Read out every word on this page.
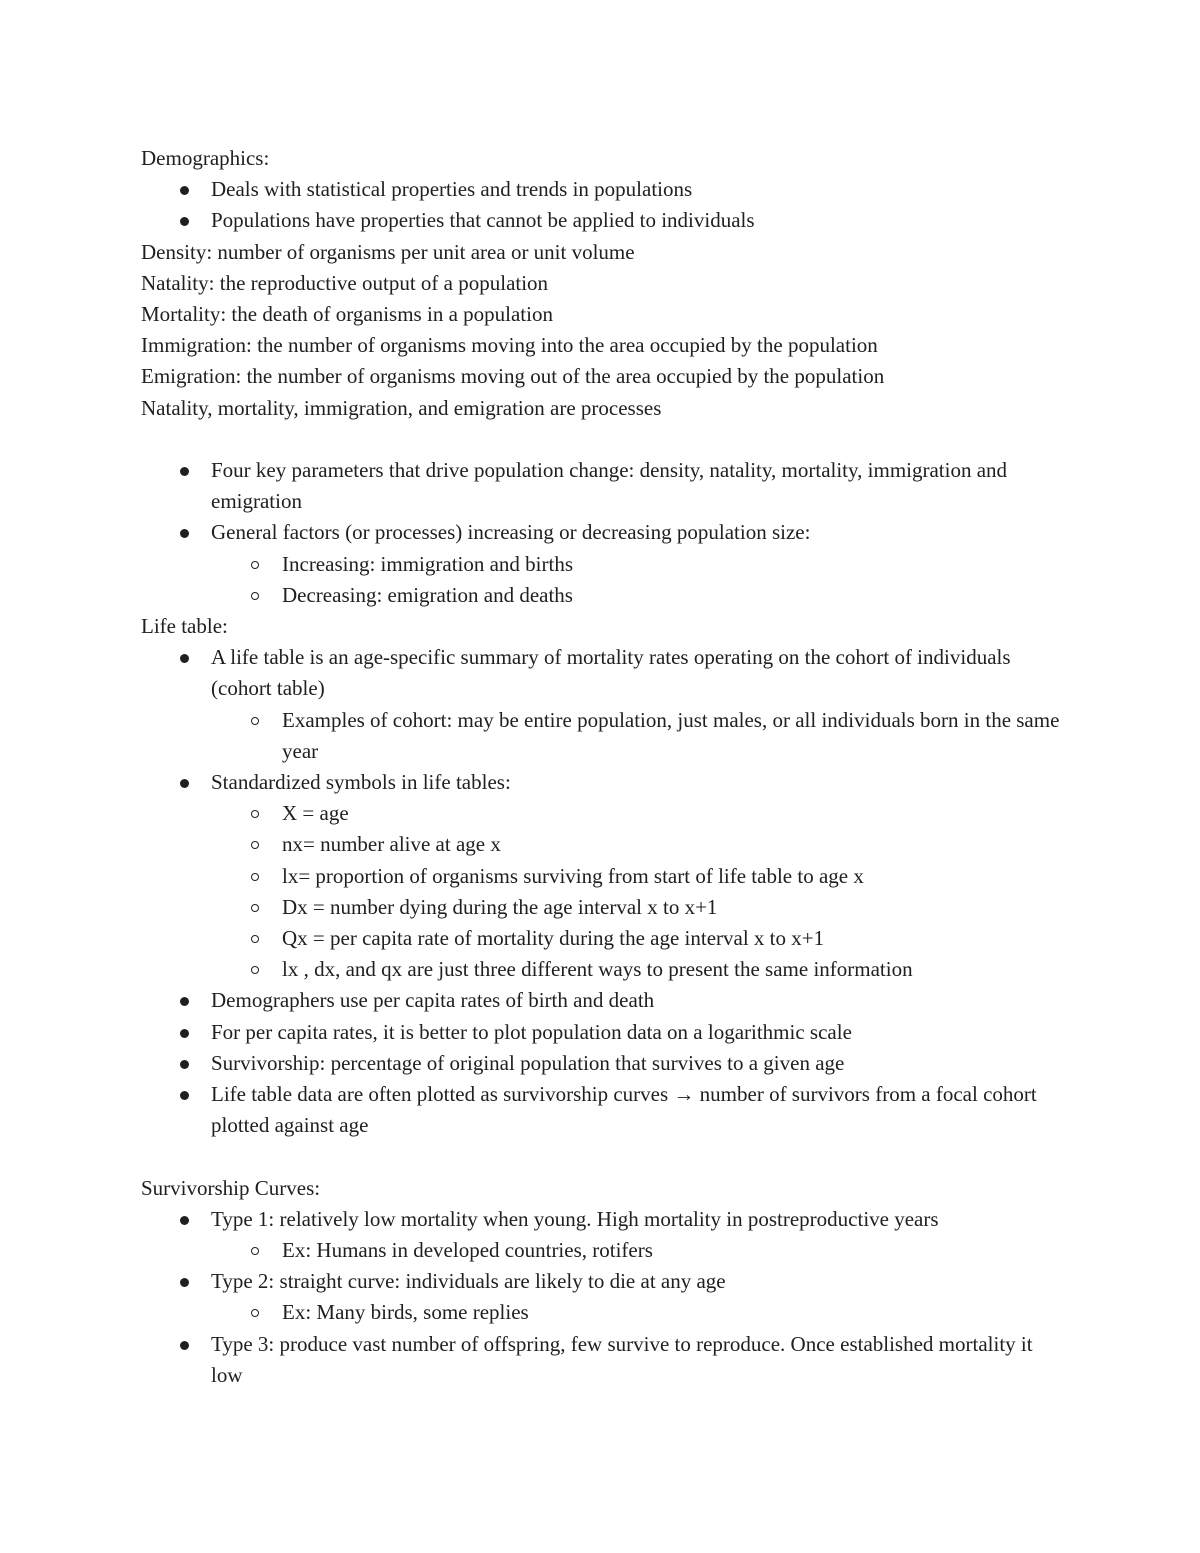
Demographics:

Deals with statistical properties and trends in populations
Populations have properties that cannot be applied to individuals

Density: number of organisms per unit area or unit volume

Natality: the reproductive output of a population

Mortality: the death of organisms in a population

Immigration: the number of organisms moving into the area occupied by the population

Emigration: the number of organisms moving out of the area occupied by the population

Natality, mortality, immigration, and emigration are processes

Four key parameters that drive population change: density, natality, mortality, immigration and emigration
General factors (or processes) increasing or decreasing population size:
Increasing: immigration and births
Decreasing: emigration and deaths

Life table:

A life table is an age-specific summary of mortality rates operating on the cohort of individuals (cohort table)
Examples of cohort: may be entire population, just males, or all individuals born in the same year
Standardized symbols in life tables:
X = age
nx= number alive at age x
lx= proportion of organisms surviving from start of life table to age x
Dx = number dying during the age interval x to x+1
Qx = per capita rate of mortality during the age interval x to x+1
lx , dx, and qx are just three different ways to present the same information
Demographers use per capita rates of birth and death
For per capita rates, it is better to plot population data on a logarithmic scale
Survivorship: percentage of original population that survives to a given age
Life table data are often plotted as survivorship curves → number of survivors from a focal cohort plotted against age

Survivorship Curves:

Type 1: relatively low mortality when young. High mortality in postreproductive years
Ex: Humans in developed countries, rotifers
Type 2: straight curve: individuals are likely to die at any age
Ex: Many birds, some replies
Type 3: produce vast number of offspring, few survive to reproduce. Once established mortality it low
